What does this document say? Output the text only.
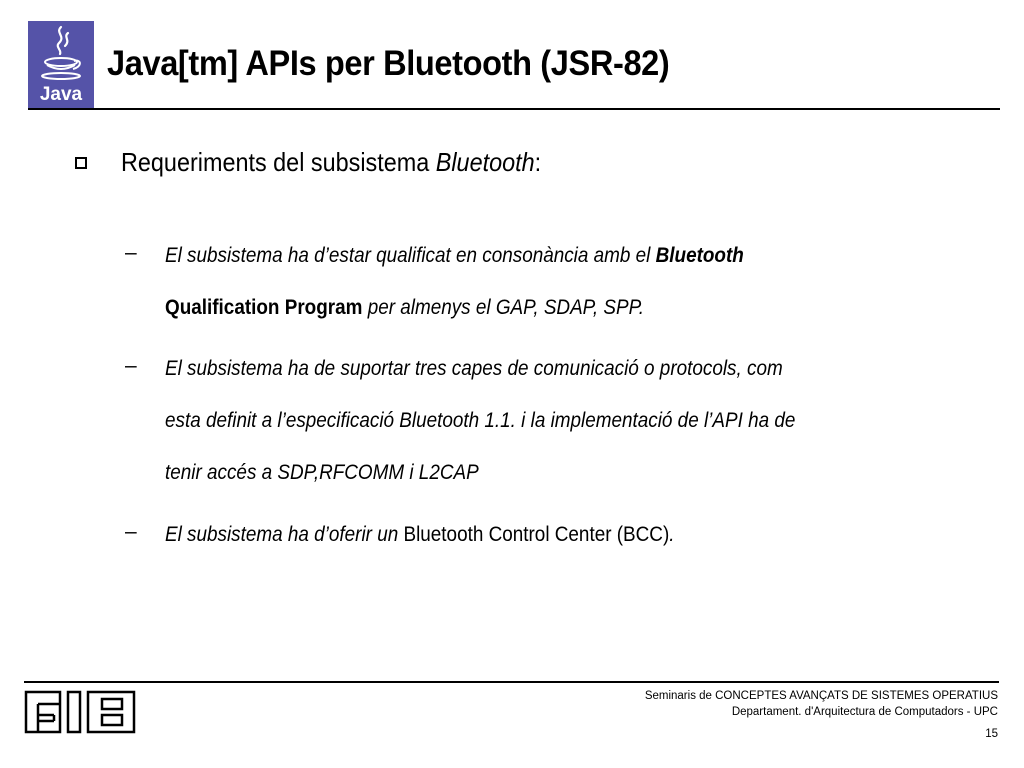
Java
Java[tm] APIs per Bluetooth (JSR-82)
Requeriments del subsistema Bluetooth:
– El subsistema ha d’estar qualificat en consonància amb el Bluetooth
Qualification Program per almenys el GAP, SDAP, SPP.
– El subsistema ha de suportar tres capes de comunicació o protocols, com
esta definit a l’especificació Bluetooth 1.1. i la implementació de l’API ha de
tenir accés a SDP,RFCOMM i L2CAP
– El subsistema ha d’oferir un Bluetooth Control Center (BCC).
Seminaris de CONCEPTES AVANÇATS DE SISTEMES OPERATIUS
Departament. d'Arquitectura de Computadors - UPC
15
